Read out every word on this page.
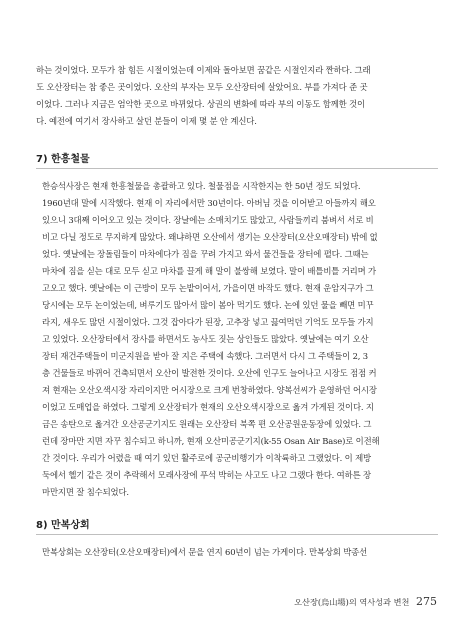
하는 것이었다. 모두가 참 힘든 시절이었는데 이제와 돌아보면 꿈같은 시절인지라 짠하다. 그래
도 오산장터는 참 좋은 곳이었다. 오산의 부자는 모두 오산장터에 살았어요. 부를 가져다 준 곳
이었다. 그러나 지금은 엄악한 곳으로 바뀌었다. 상권의 변화에 따라 부의 이동도 함께한 것이
다. 예전에 여기서 장사하고 살던 분들이 이제 몇 분 안 계신다.

7) 한흥철물

한승석사장은 현재 한흥철물을 총괄하고 있다. 철물점을 시작한지는 한 50년 정도 되었다.
1960년대 말에 시작했다. 현재 이 자리에서만 30년이다. 아버님 것을 이어받고 아들까지 해오
있으니 3대째 이어오고 있는 것이다. 장날에는 소매치기도 많았고, 사람들끼리 붐벼서 서로 비
비고 다닐 정도로 무지하게 많았다. 왜냐하면 오산에서 생기는 오산장터(오산오매장터) 밖에 없
었다. 옛날에는 장돌림들이 마차에다가 짐을 꾸려 가지고 와서 물건들을 장터에 펼다. 그때는
마차에 짐을 싣는 대로 모두 싣고 마차를 끌게 해 말이 불쌍해 보였다. 말이 배틀비틀 거리며 가
고오고 했다. 옛날에는 이 근방이 모두 논밭이어서, 가을이면 바작도 했다. 현재 운암지구가 그
당시에는 모두 논이었는데, 벼루기도 많아서 많이 봄아 먹기도 했다. 논에 있던 물을 빼면 미꾸
라지, 새우도 많던 시절이었다. 그것 잡아다가 된장, 고추장 넣고 끓여먹던 기억도 모두들 가지
고 있었다. 오산장터에서 장사를 하면서도 농사도 짓는 상인들도 많았다. 옛날에는 여기 오산
장터 재건주택들이 미군지원을 받아 잘 지은 주택에 속했다. 그러면서 다시 그 주택들이 2, 3
층 건물들로 바뀌어 건축되면서 오산이 발전한 것이다. 오산에 인구도 늘어나고 시장도 점점 커
져 현재는 오산오색시장 자리이지만 어시장으로 크게 번창하였다. 양복선씨가 운영하던 어시장
이었고 도매업을 하였다. 그렇게 오산장터가 현재의 오산오색시장으로 옮겨 가게된 것이다. 지
금은 송탄으로 옮겨간 오산공군기지도 원래는 오산장터 북쪽 편 오산공원운동장에 있었다. 그
런데 장마만 지면 자꾸 침수되고 하니까, 현재 오산미공군기지(k-55 Osan Air Base)로 이전해
간 것이다. 우리가 어렸을 때 여기 있던 활주로에 공군비행기가 이착륙하고 그랬었다. 이 제방
둑에서 헬기 같은 것이 추락해서 모래사장에 푸석 박히는 사고도 나고 그랬다 한다. 여하튼 장
마만지면 잘 침수되었다.

8) 만복상회

만복상회는 오산장터(오산오매장터)에서 문을 연지 60년이 넘는 가게이다. 만복상회 박종선

오산장(烏山場)의 역사성과 변천 275
